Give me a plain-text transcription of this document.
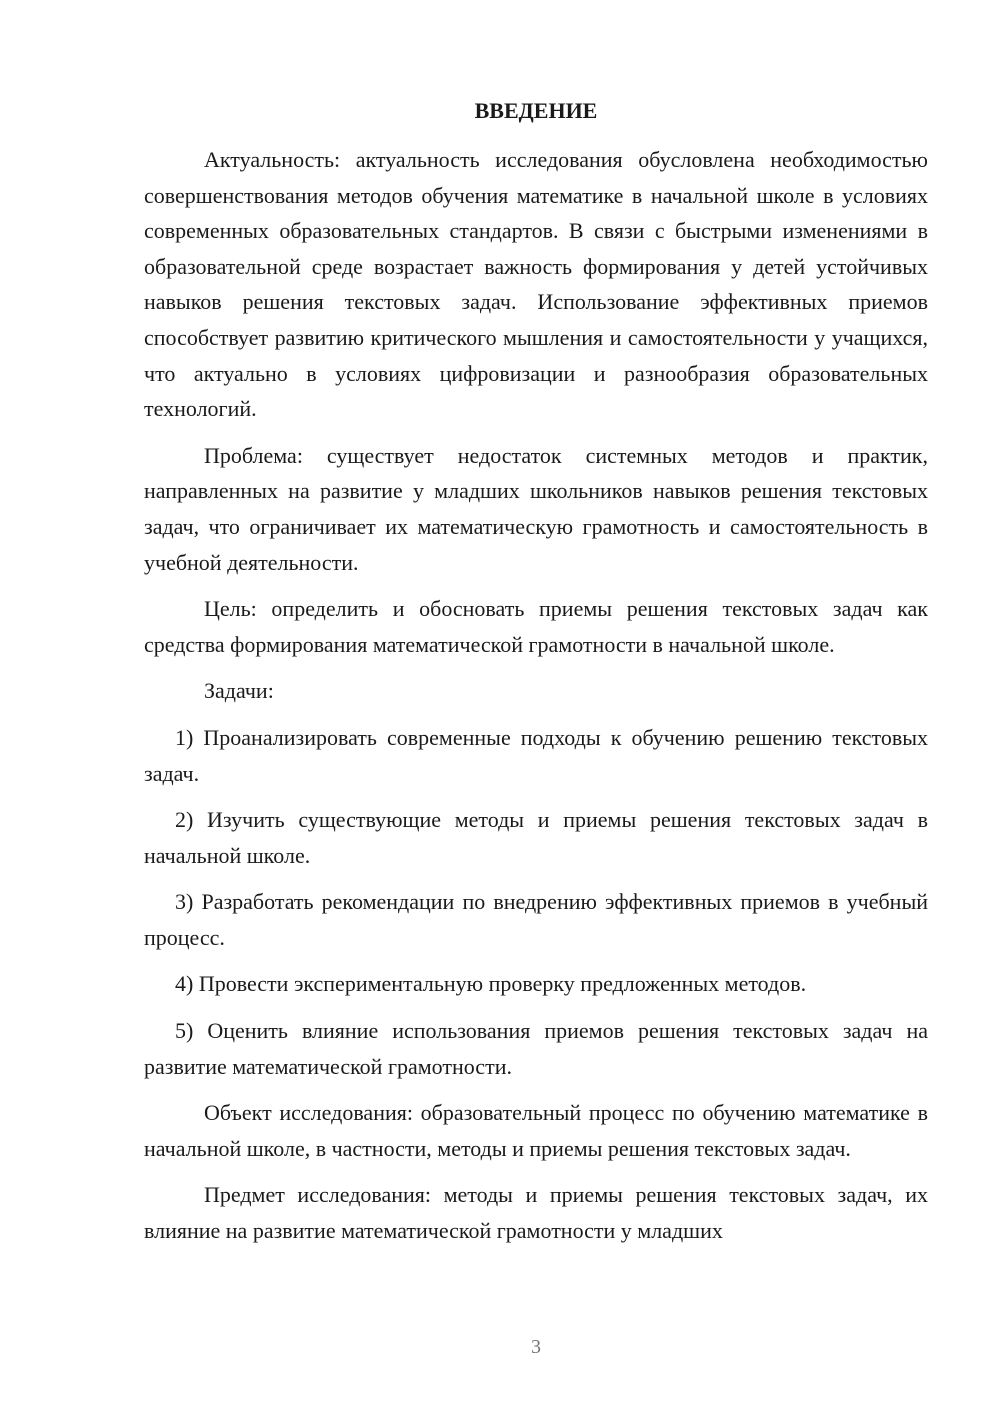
ВВЕДЕНИЕ

Актуальность: актуальность исследования обусловлена необходимостью совершенствования методов обучения математике в начальной школе в условиях современных образовательных стандартов. В связи с быстрыми изменениями в образовательной среде возрастает важность формирования у детей устойчивых навыков решения текстовых задач. Использование эффективных приемов способствует развитию критического мышления и самостоятельности у учащихся, что актуально в условиях цифровизации и разнообразия образовательных технологий.

Проблема: существует недостаток системных методов и практик, направленных на развитие у младших школьников навыков решения текстовых задач, что ограничивает их математическую грамотность и самостоятельность в учебной деятельности.

Цель: определить и обосновать приемы решения текстовых задач как средства формирования математической грамотности в начальной школе.

Задачи:

1) Проанализировать современные подходы к обучению решению текстовых задач.

2) Изучить существующие методы и приемы решения текстовых задач в начальной школе.

3) Разработать рекомендации по внедрению эффективных приемов в учебный процесс.

4) Провести экспериментальную проверку предложенных методов.

5) Оценить влияние использования приемов решения текстовых задач на развитие математической грамотности.

Объект исследования: образовательный процесс по обучению математике в начальной школе, в частности, методы и приемы решения текстовых задач.

Предмет исследования: методы и приемы решения текстовых задач, их влияние на развитие математической грамотности у младших

3
